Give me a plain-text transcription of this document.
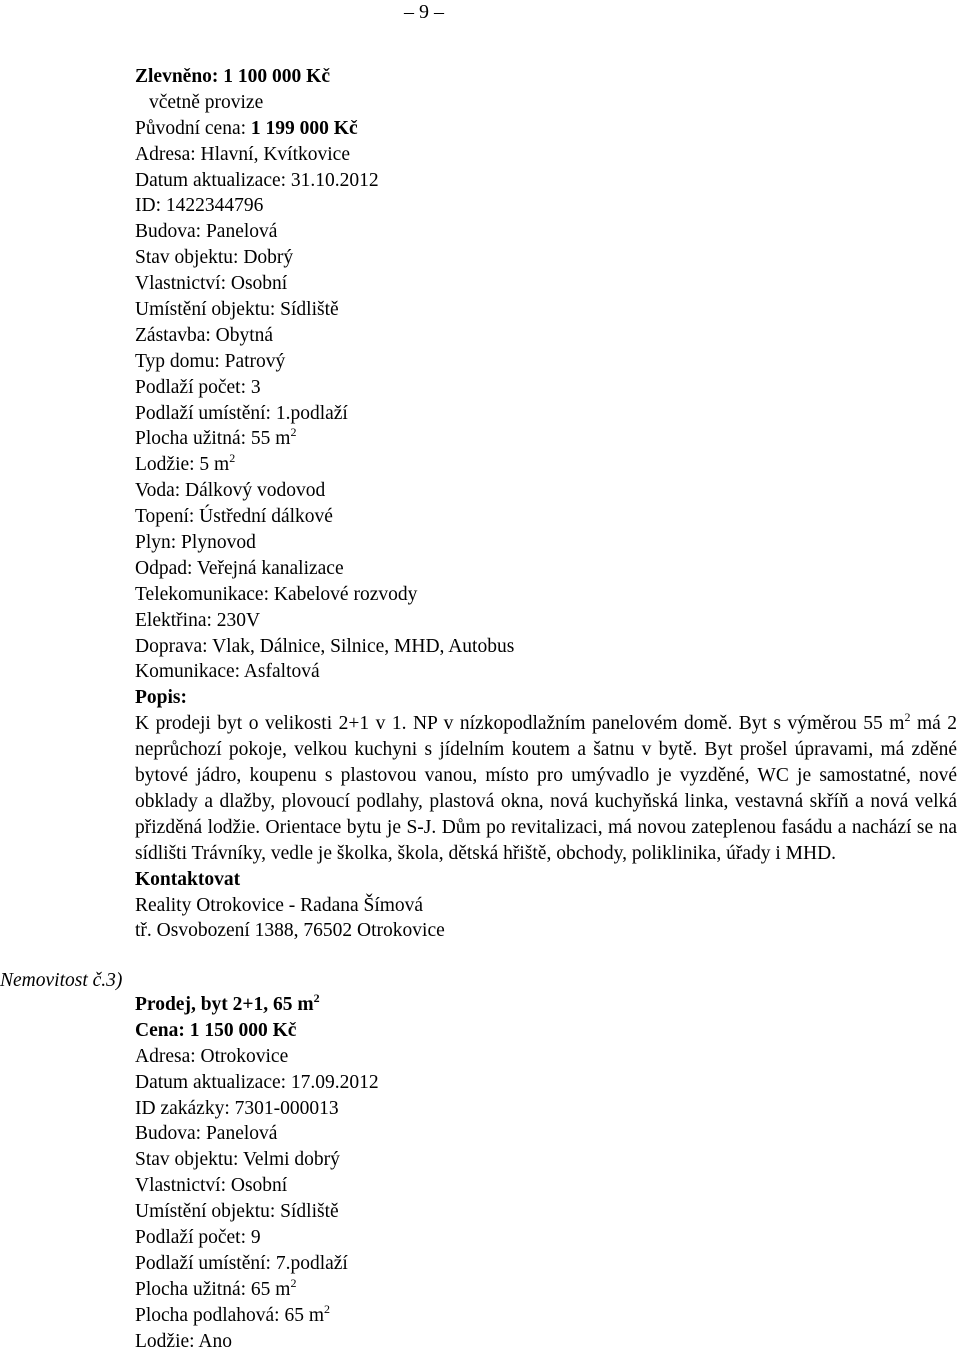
– 9 –
Zlevněno: 1 100 000 Kč
včetně provize
Původní cena: 1 199 000 Kč
Adresa: Hlavní, Kvítkovice
Datum aktualizace: 31.10.2012
ID: 1422344796
Budova: Panelová
Stav objektu: Dobrý
Vlastnictví: Osobní
Umístění objektu: Sídliště
Zástavba: Obytná
Typ domu: Patrový
Podlaží počet: 3
Podlaží umístění: 1.podlaží
Plocha užitná: 55 $m^2$
Lodžie: 5 $m^2$
Voda: Dálkový vodovod
Topení: Ústřední dálkové
Plyn: Plynovod
Odpad: Veřejná kanalizace
Telekomunikace: Kabelové rozvody
Elektřina: 230V
Doprava: Vlak, Dálnice, Silnice, MHD, Autobus
Komunikace: Asfaltová
Popis:
K prodeji byt o velikosti 2+1 v 1. NP v nízkopodlažním panelovém domě. Byt s výměrou 55 $m^2$ má 2 neprůchozí pokoje, velkou kuchyni s jídelním koutem a šatnu v bytě. Byt prošel úpravami, má zděné bytové jádro, koupenu s plastovou vanou, místo pro umývadlo je vyzděné, WC je samostatné, nové obklady a dlažby, plovoucí podlahy, plastová okna, nová kuchyňská linka, vestavná skříň a nová velká přizděná lodžie. Orientace bytu je S-J. Dům po revitalizaci, má novou zateplenou fasádu a nachází se na sídlišti Trávníky, vedle je školka, škola, dětská hřiště, obchody, poliklinika, úřady i MHD.
Kontaktovat
Reality Otrokovice - Radana Šímová
tř. Osvobození 1388, 76502 Otrokovice
Nemovitost č.3)
Prodej, byt 2+1, 65 $m^2$
Cena: 1 150 000 Kč
Adresa: Otrokovice
Datum aktualizace: 17.09.2012
ID zakázky: 7301-000013
Budova: Panelová
Stav objektu: Velmi dobrý
Vlastnictví: Osobní
Umístění objektu: Sídliště
Podlaží počet: 9
Podlaží umístění: 7.podlaží
Plocha užitná: 65 $m^2$
Plocha podlahová: 65 $m^2$
Lodžie: Ano
